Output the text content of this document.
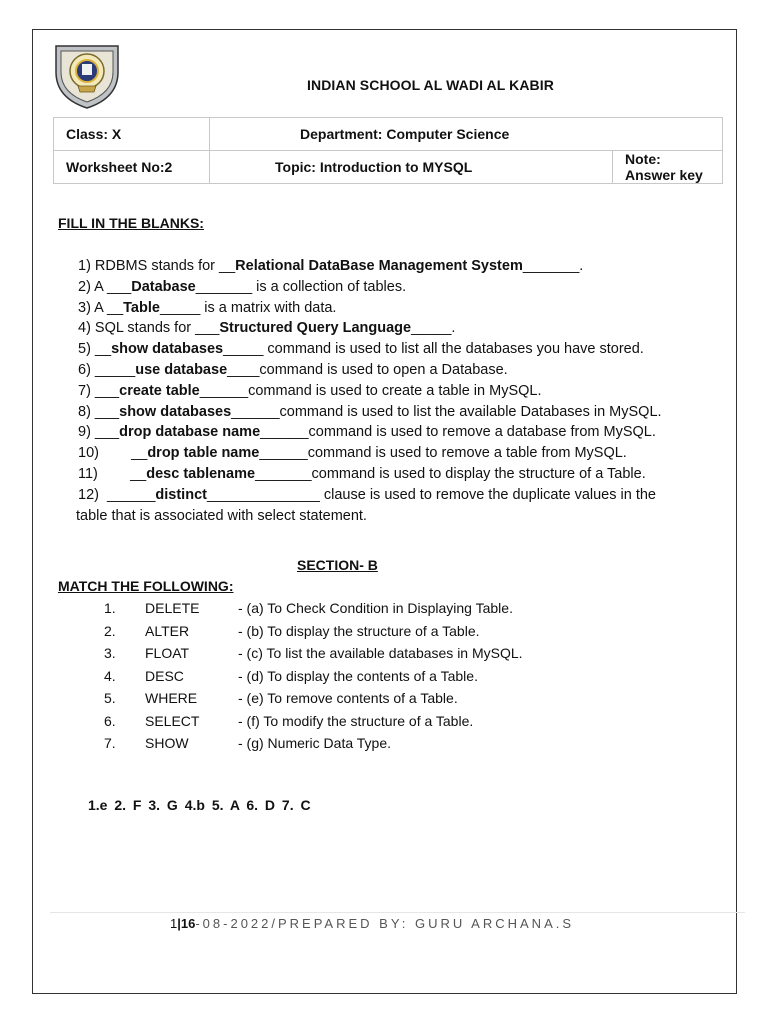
INDIAN SCHOOL AL WADI AL KABIR
Class: X	Department: Computer Science	
Worksheet No:2	Topic: Introduction to MYSQL	Note: Answer key
FILL IN THE BLANKS:
1) RDBMS stands for __Relational DataBase Management System_______.
2) A ___Database_______ is a collection of tables.
3) A __Table_____ is a matrix with data.
4) SQL stands for ___Structured Query Language_____.
5) __show databases_____ command is used to list all the databases you have stored.
6) _____use database____command is used to open a Database.
7) ___create table______command is used to create a table in MySQL.
8) ___show databases______command is used to list the available Databases in MySQL.
9) ___drop database name______command is used to remove a database from MySQL.
10)        __drop table name______command is used to remove a table from MySQL.
11)        __desc tablename_______command is used to display the structure of a Table.
12)  ______distinct______________ clause is used to remove the duplicate values in the
table that is associated with select statement.
SECTION- B
MATCH THE FOLLOWING:
1.	DELETE	- (a) To Check Condition in Displaying Table.
2.	ALTER	- (b) To display the structure of a Table.
3.	FLOAT	- (c) To list the available databases in MySQL.
4.	DESC	- (d) To display the contents of a Table.
5.	WHERE	- (e) To remove contents of a Table.
6.	SELECT	- (f) To modify the structure of a Table.
7.	SHOW	- (g) Numeric Data Type.
1.e 2. F 3. G 4.b 5. A 6. D 7. C
1|16-08-2022/PREPARED BY: GURU ARCHANA.S
